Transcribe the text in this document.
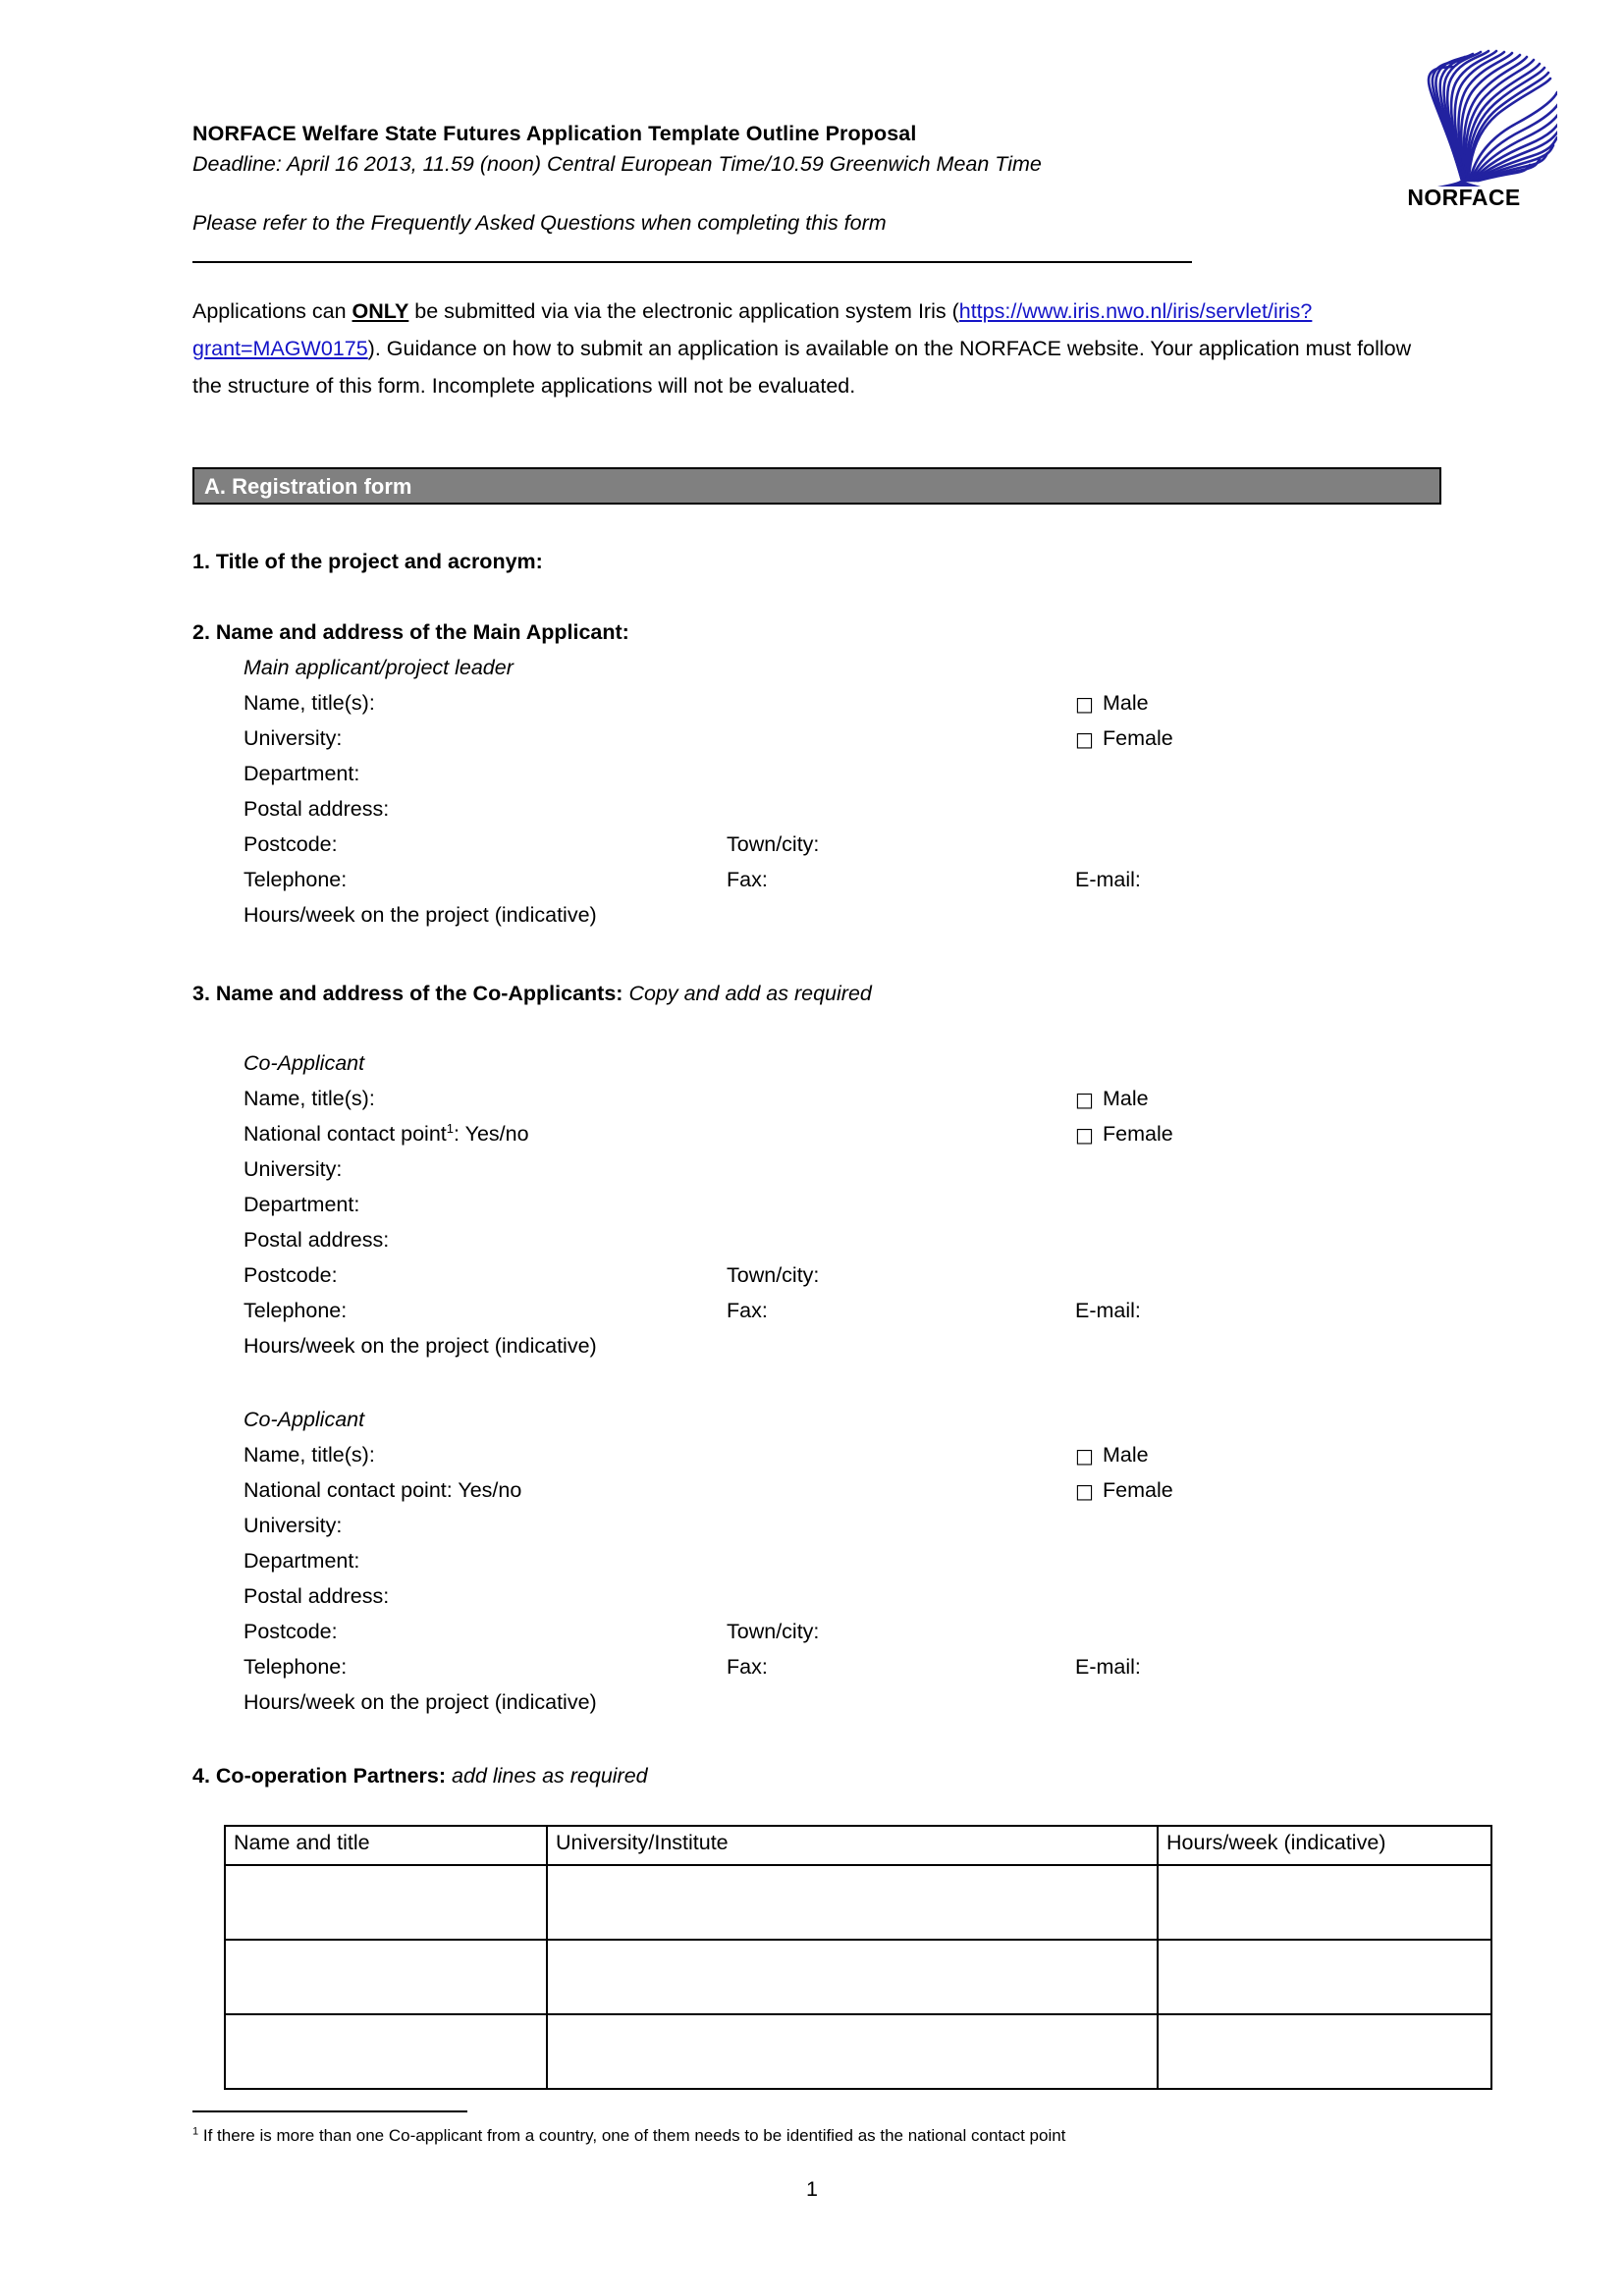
NORFACE Welfare State Futures Application Template Outline Proposal
Deadline: April 16 2013, 11.59 (noon) Central European Time/10.59 Greenwich Mean Time
Please refer to the Frequently Asked Questions when completing this form
NORFACE
Applications can ONLY be submitted via via the electronic application system Iris (https://www.iris.nwo.nl/iris/servlet/iris?grant=MAGW0175). Guidance on how to submit an application is available on the NORFACE website. Your application must follow the structure of this form. Incomplete applications will not be evaluated.
A. Registration form
1. Title of the project and acronym:
2. Name and address of the Main Applicant:
Main applicant/project leader
Name, title(s):
University:
Department:
Postal address:
Postcode:	Town/city:
Telephone:	Fax:	E-mail:
Hours/week on the project (indicative)
□ Male
□ Female
3. Name and address of the Co-Applicants: Copy and add as required
Co-Applicant
Name, title(s):
National contact point$^1$: Yes/no
University:
Department:
Postal address:
Postcode:	Town/city:
Telephone:	Fax:	E-mail:
Hours/week on the project (indicative)
□ Male
□ Female
Co-Applicant
Name, title(s):
National contact point: Yes/no
University:
Department:
Postal address:
Postcode:	Town/city:
Telephone:	Fax:	E-mail:
Hours/week on the project (indicative)
□ Male
□ Female
4. Co-operation Partners: add lines as required
Name and title	University/Institute	Hours/week (indicative)

$^1$ If there is more than one Co-applicant from a country, one of them needs to be identified as the national contact point
1
